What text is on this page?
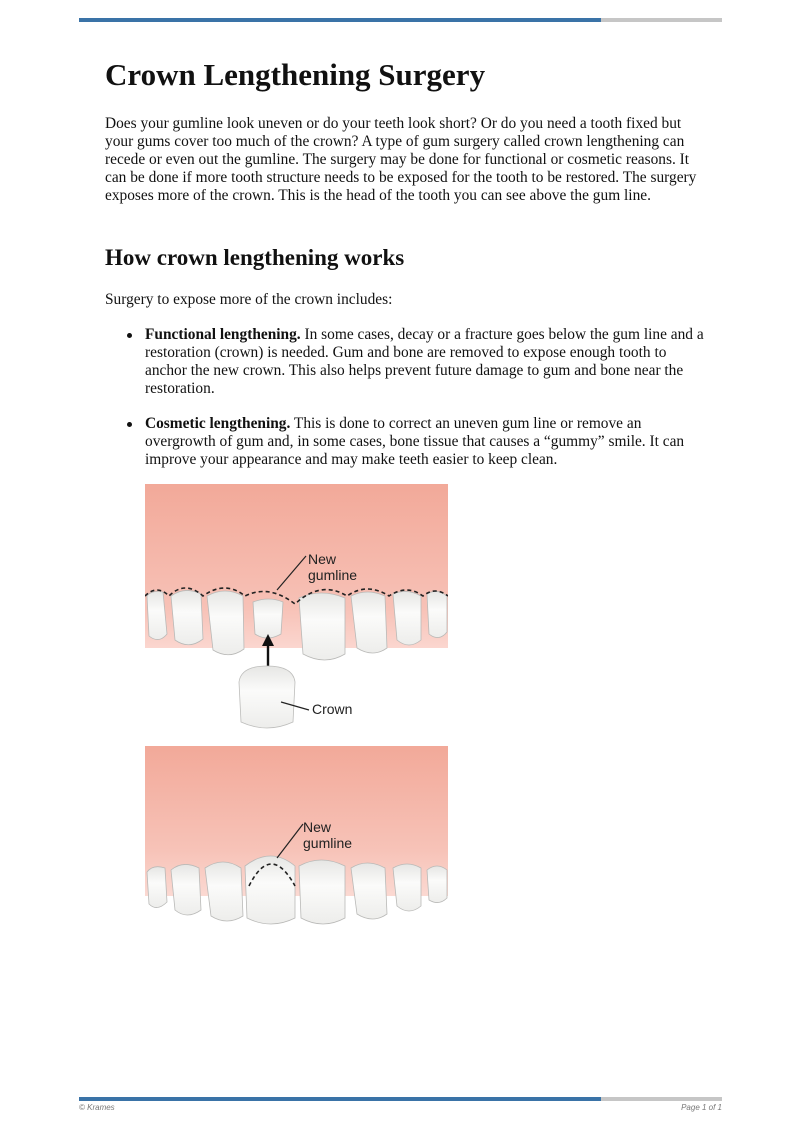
Crown Lengthening Surgery

Does your gumline look uneven or do your teeth look short? Or do you need a tooth fixed but your gums cover too much of the crown? A type of gum surgery called crown lengthening can recede or even out the gumline. The surgery may be done for functional or cosmetic reasons. It can be done if more tooth structure needs to be exposed for the tooth to be restored. The surgery exposes more of the crown. This is the head of the tooth you can see above the gum line.

How crown lengthening works

Surgery to expose more of the crown includes:

Functional lengthening. In some cases, decay or a fracture goes below the gum line and a restoration (crown) is needed. Gum and bone are removed to expose enough tooth to anchor the new crown. This also helps prevent future damage to gum and bone near the restoration.
Cosmetic lengthening. This is done to correct an uneven gum line or remove an overgrowth of gum and, in some cases, bone tissue that causes a “gummy” smile. It can improve your appearance and may make teeth easier to keep clean.
New
gumline
Crown
New
gumline
© Krames	Page 1 of 1
